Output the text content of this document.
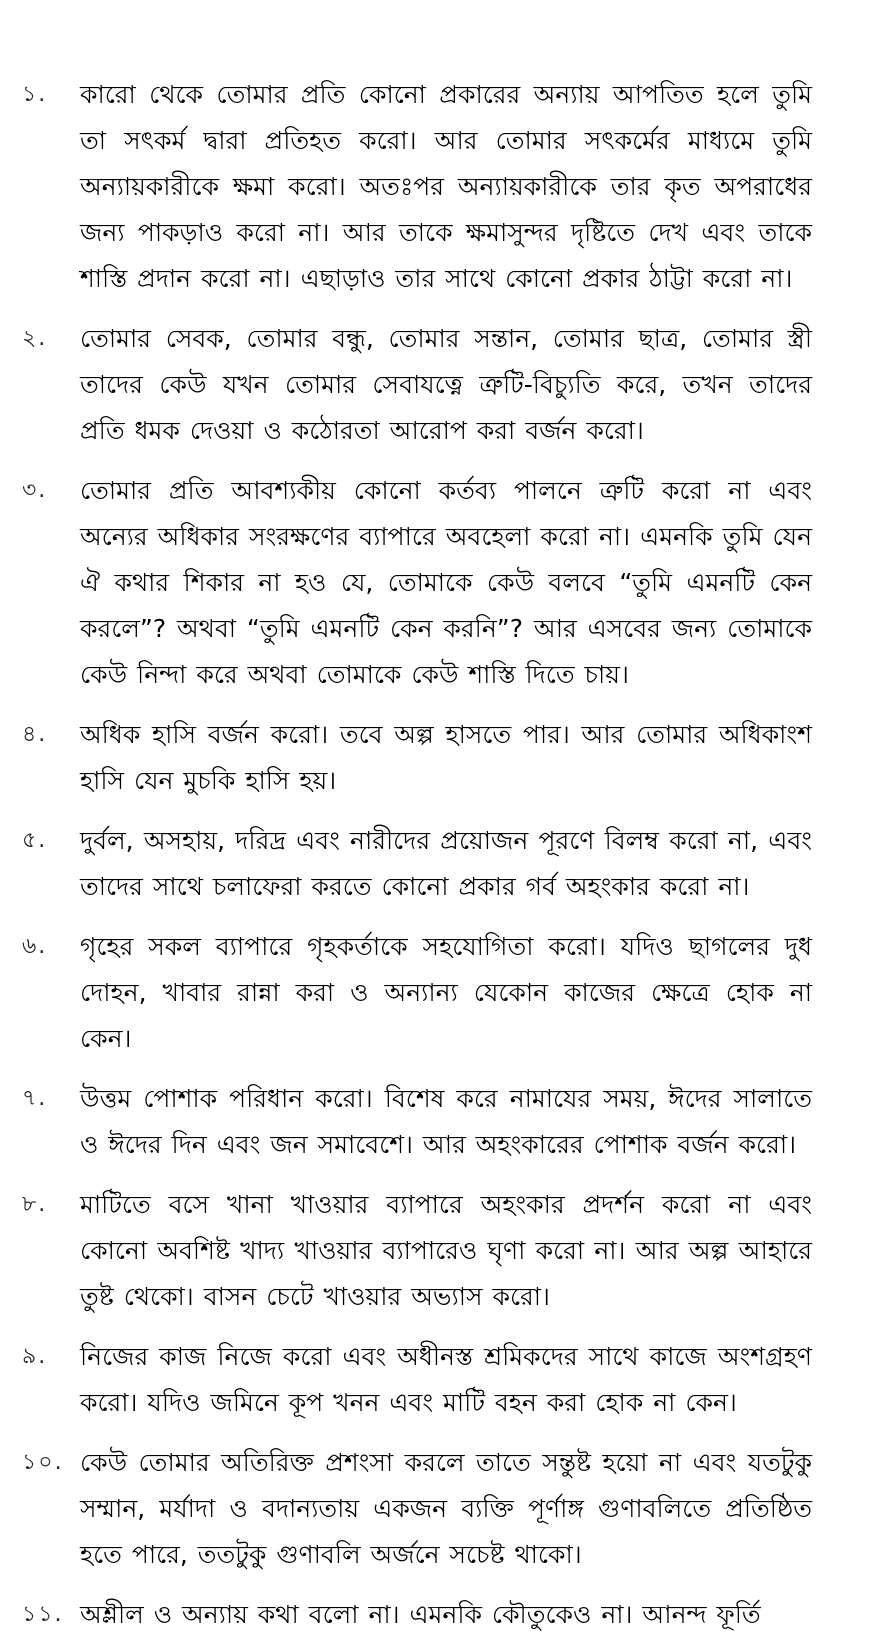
১.	কারো থেকে তোমার প্রতি কোনো প্রকারের অন্যায় আপতিত হলে তুমি তা সৎকর্ম দ্বারা প্রতিহত করো। আর তোমার সৎকর্মের মাধ্যমে তুমি অন্যায়কারীকে ক্ষমা করো। অতঃপর অন্যায়কারীকে তার কৃত অপরাধের জন্য পাকড়াও করো না। আর তাকে ক্ষমাসুন্দর দৃষ্টিতে দেখ এবং তাকে শাস্তি প্রদান করো না। এছাড়াও তার সাথে কোনো প্রকার ঠাট্টা করো না।
২.	তোমার সেবক, তোমার বন্ধু, তোমার সন্তান, তোমার ছাত্র, তোমার স্ত্রী তাদের কেউ যখন তোমার সেবাযত্নে ত্রুটি-বিচ্যুতি করে, তখন তাদের প্রতি ধমক দেওয়া ও কঠোরতা আরোপ করা বর্জন করো।
৩.	তোমার প্রতি আবশ্যকীয় কোনো কর্তব্য পালনে ত্রুটি করো না এবং অন্যের অধিকার সংরক্ষণের ব্যাপারে অবহেলা করো না। এমনকি তুমি যেন ঐ কথার শিকার না হও যে, তোমাকে কেউ বলবে “তুমি এমনটি কেন করলে”? অথবা “তুমি এমনটি কেন করনি”? আর এসবের জন্য তোমাকে কেউ নিন্দা করে অথবা তোমাকে কেউ শাস্তি দিতে চায়।
৪.	অধিক হাসি বর্জন করো। তবে অল্প হাসতে পার। আর তোমার অধিকাংশ হাসি যেন মুচকি হাসি হয়।
৫.	দুর্বল, অসহায়, দরিদ্র এবং নারীদের প্রয়োজন পূরণে বিলম্ব করো না, এবং তাদের সাথে চলাফেরা করতে কোনো প্রকার গর্ব অহংকার করো না।
৬.	গৃহের সকল ব্যাপারে গৃহকর্তাকে সহযোগিতা করো। যদিও ছাগলের দুধ দোহন, খাবার রান্না করা ও অন্যান্য যেকোন কাজের ক্ষেত্রে হোক না কেন।
৭.	উত্তম পোশাক পরিধান করো। বিশেষ করে নামাযের সময়, ঈদের সালাতে ও ঈদের দিন এবং জন সমাবেশে। আর অহংকারের পোশাক বর্জন করো।
৮.	মাটিতে বসে খানা খাওয়ার ব্যাপারে অহংকার প্রদর্শন করো না এবং কোনো অবশিষ্ট খাদ্য খাওয়ার ব্যাপারেও ঘৃণা করো না। আর অল্প আহারে তুষ্ট থেকো। বাসন চেটে খাওয়ার অভ্যাস করো।
৯.	নিজের কাজ নিজে করো এবং অধীনস্ত শ্রমিকদের সাথে কাজে অংশগ্রহণ করো। যদিও জমিনে কূপ খনন এবং মাটি বহন করা হোক না কেন।
১০. কেউ তোমার অতিরিক্ত প্রশংসা করলে তাতে সন্তুষ্ট হয়ো না এবং যতটুকু সম্মান, মর্যাদা ও বদান্যতায় একজন ব্যক্তি পূর্ণাঙ্গ গুণাবলিতে প্রতিষ্ঠিত হতে পারে, ততটুকু গুণাবলি অর্জনে সচেষ্ট থাকো।
১১. অশ্লীল ও অন্যায় কথা বলো না। এমনকি কৌতুকেও না। আনন্দ ফূর্তি
